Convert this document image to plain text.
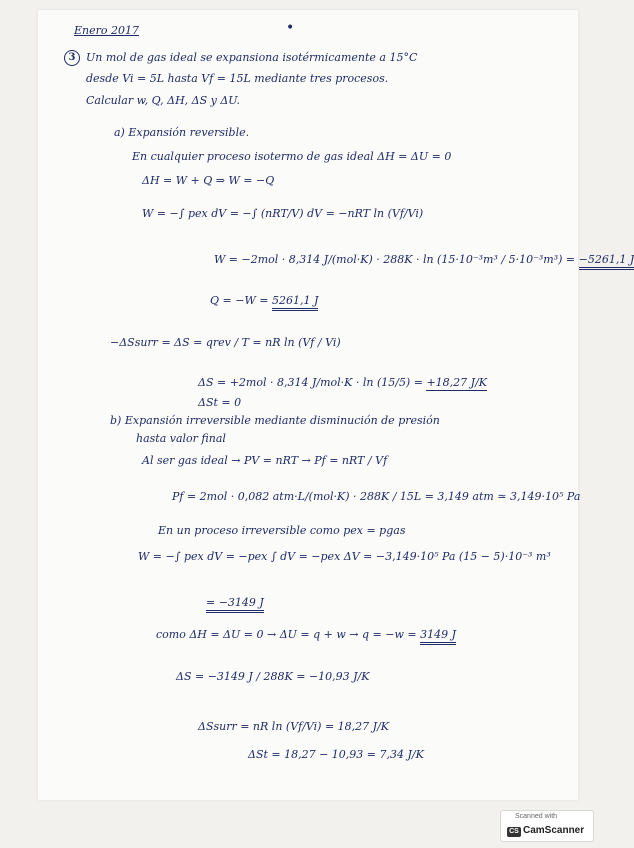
Enero 2017	•
3 Un mol de gas ideal se expansiona isotérmicamente a 15°C
desde Vi = 5L hasta Vf = 15L mediante tres procesos.
Calcular w, Q, ΔH, ΔS y ΔU.
a) Expansión reversible.
En cualquier proceso isotermo de gas ideal ΔH = ΔU = 0
ΔH = W + Q ⇒ W = −Q
W = −∫ pex dV = −∫ (nRT/V) dV = −nRT ln (Vf/Vi)
W = −2mol · 8,314 J/(mol·K) · 288K · ln (15·10⁻³m³ / 5·10⁻³m³) = −5261,1 J
Q = −W = 5261,1 J
−ΔSsurr = ΔS = qrev / T = nR ln (Vf / Vi)
ΔS = +2mol · 8,314 J/mol·K · ln (15/5) = +18,27 J/K
ΔSt = 0
b) Expansión irreversible mediante disminución de presión
hasta valor final
Al ser gas ideal → PV = nRT → Pf = nRT / Vf
Pf = 2mol · 0,082 atm·L/(mol·K) · 288K / 15L = 3,149 atm ≃ 3,149·10⁵ Pa
En un proceso irreversible como pex = pgas
W = −∫ pex dV = −pex ∫ dV = −pex ΔV = −3,149·10⁵ Pa (15 − 5)·10⁻³ m³
= −3149 J
como ΔH = ΔU = 0 → ΔU = q + w → q = −w = 3149 J
ΔS = −3149 J / 288K = −10,93 J/K
ΔSsurr = nR ln (Vf/Vi) = 18,27 J/K
ΔSt = 18,27 − 10,93 = 7,34 J/K
Scanned with
CS CamScanner
